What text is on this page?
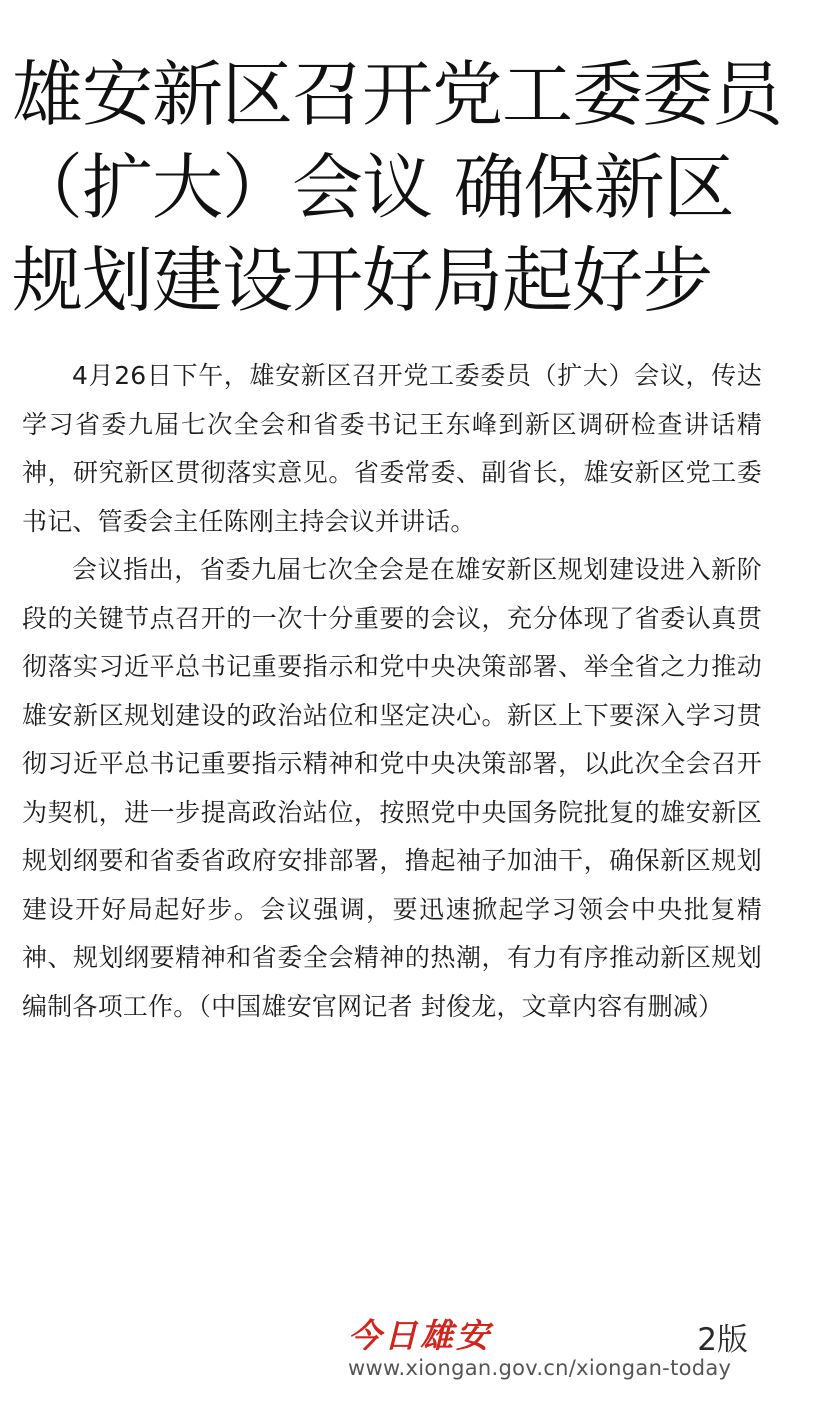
雄安新区召开党工委委员（扩大）会议 确保新区规划建设开好局起好步

4月26日下午，雄安新区召开党工委委员（扩大）会议，传达学习省委九届七次全会和省委书记王东峰到新区调研检查讲话精神，研究新区贯彻落实意见。省委常委、副省长，雄安新区党工委书记、管委会主任陈刚主持会议并讲话。

会议指出，省委九届七次全会是在雄安新区规划建设进入新阶段的关键节点召开的一次十分重要的会议，充分体现了省委认真贯彻落实习近平总书记重要指示和党中央决策部署、举全省之力推动雄安新区规划建设的政治站位和坚定决心。新区上下要深入学习贯彻习近平总书记重要指示精神和党中央决策部署，以此次全会召开为契机，进一步提高政治站位，按照党中央国务院批复的雄安新区规划纲要和省委省政府安排部署，撸起袖子加油干，确保新区规划建设开好局起好步。会议强调，要迅速掀起学习领会中央批复精神、规划纲要精神和省委全会精神的热潮，有力有序推动新区规划编制各项工作。（中国雄安官网记者 封俊龙，文章内容有删减）

今日雄安	2版
www.xiongan.gov.cn/xiongan-today
